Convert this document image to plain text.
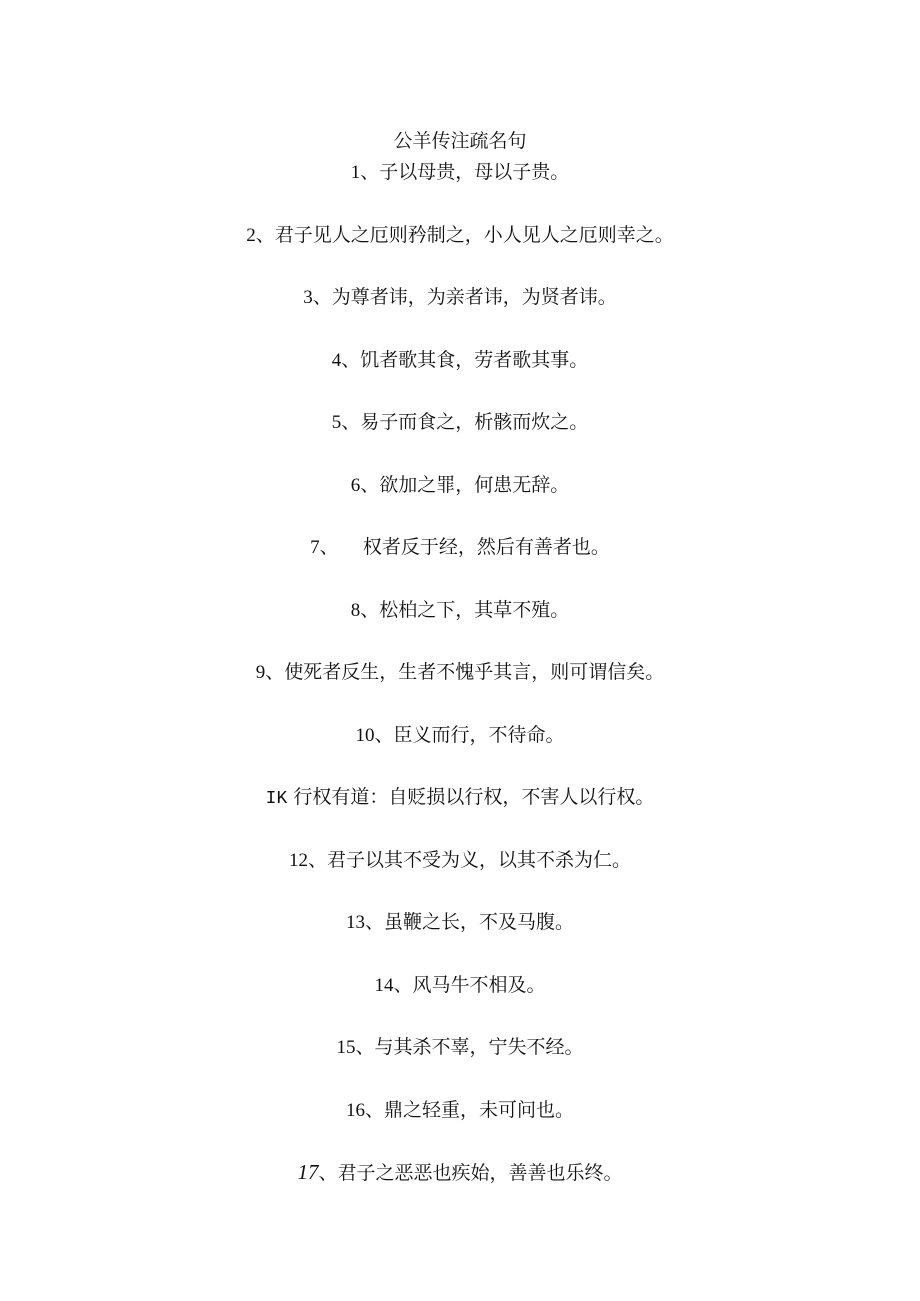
公羊传注疏名句
1、子以母贵，母以子贵。
2、君子见人之厄则矜制之，小人见人之厄则幸之。
3、为尊者讳，为亲者讳，为贤者讳。
4、饥者歌其食，劳者歌其事。
5、易子而食之，析骸而炊之。
6、欲加之罪，何患无辞。
7、    权者反于经，然后有善者也。
8、松柏之下，其草不殖。
9、使死者反生，生者不愧乎其言，则可谓信矣。
10、臣义而行，不待命。
IK 行权有道：自贬损以行权，不害人以行权。
12、君子以其不受为义，以其不杀为仁。
13、虽鞭之长，不及马腹。
14、风马牛不相及。
15、与其杀不辜，宁失不经。
16、鼎之轻重，未可问也。
17、君子之恶恶也疾始，善善也乐终。
